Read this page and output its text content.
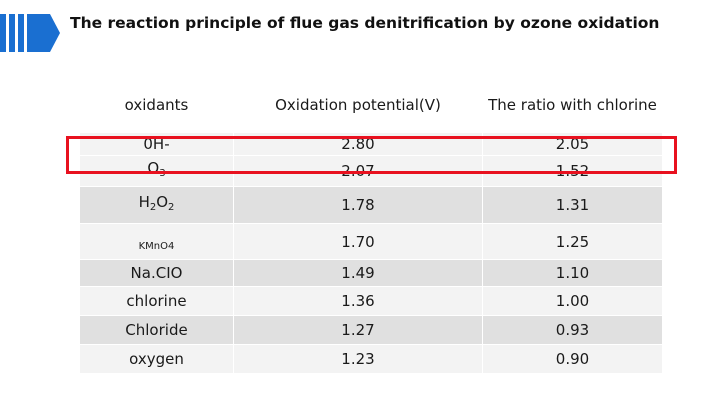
The reaction principle of flue gas denitrification by ozone oxidation
oxidants	Oxidation potential(V)	The ratio with chlorine
0H-	2.80	2.05
$O_3$	2.07	1.52
$H_2O_2$	1.78	1.31
KMnO4	1.70	1.25
Na.CIO	1.49	1.10
chlorine	1.36	1.00
Chloride	1.27	0.93
oxygen	1.23	0.90
